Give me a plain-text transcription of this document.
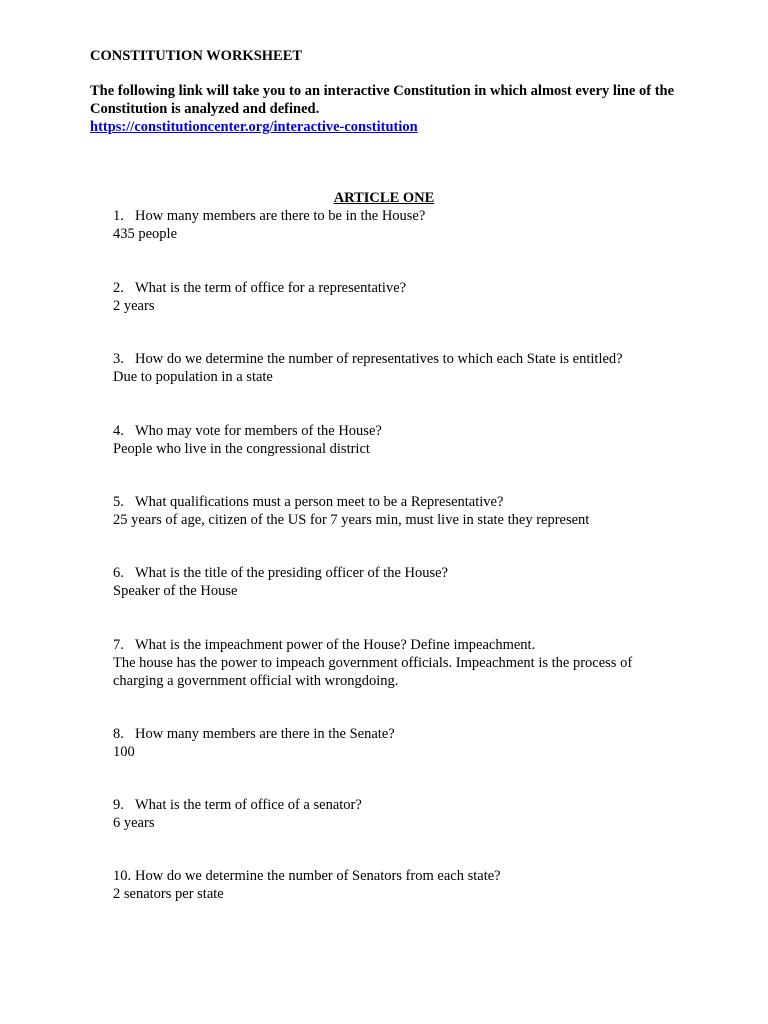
CONSTITUTION WORKSHEET
The following link will take you to an interactive Constitution in which almost every line of the Constitution is analyzed and defined.
https://constitutioncenter.org/interactive-constitution
ARTICLE ONE
1. How many members are there to be in the House?
435 people
2. What is the term of office for a representative?
2 years
3. How do we determine the number of representatives to which each State is entitled?
Due to population in a state
4. Who may vote for members of the House?
People who live in the congressional district
5. What qualifications must a person meet to be a Representative?
25 years of age, citizen of the US for 7 years min, must live in state they represent
6. What is the title of the presiding officer of the House?
Speaker of the House
7. What is the impeachment power of the House? Define impeachment.
The house has the power to impeach government officials. Impeachment is the process of charging a government official with wrongdoing.
8. How many members are there in the Senate?
100
9. What is the term of office of a senator?
6 years
10. How do we determine the number of Senators from each state?
2 senators per state
